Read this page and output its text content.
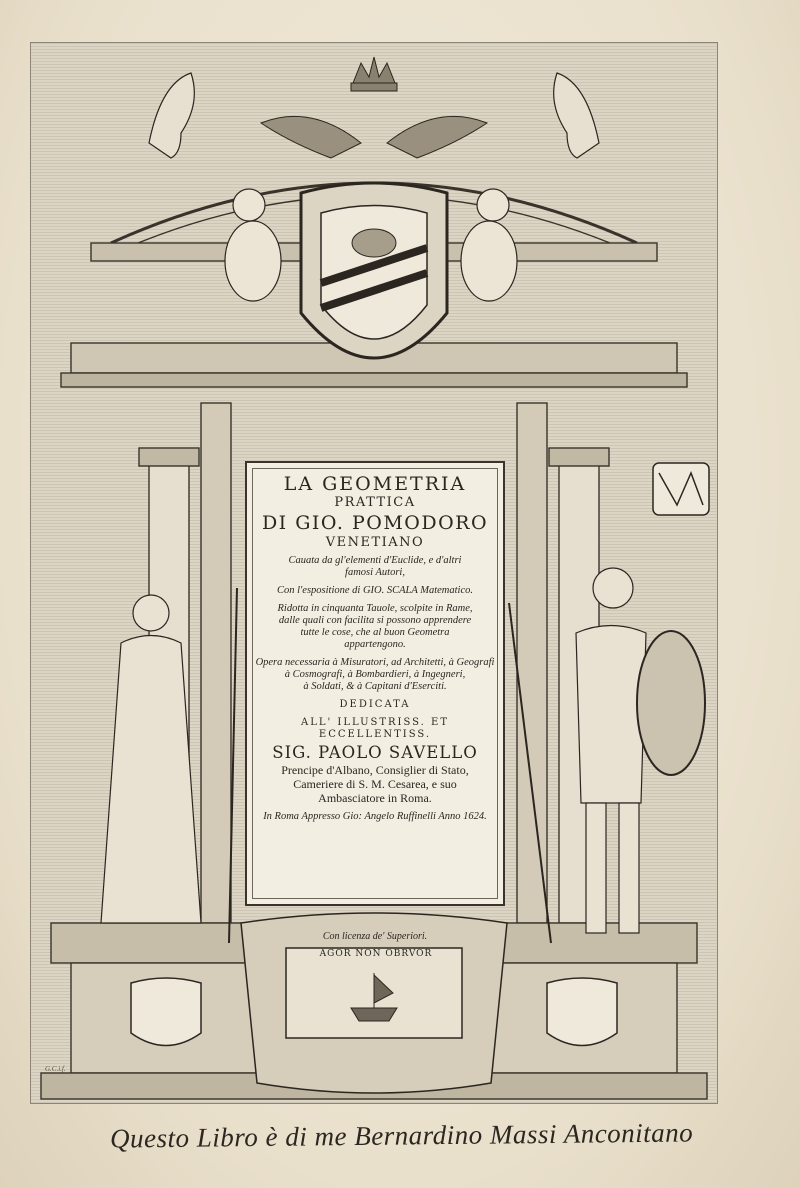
LA GEOMETRIA
PRATTICA
DI GIO. POMODORO
VENETIANO
Cauata da gl'elementi d'Euclide, e d'altri
famosi Autori,
Con l'espositione di GIO. SCALA Matematico.
Ridotta in cinquanta Tauole, scolpite in Rame,
dalle quali con facilita si possono apprendere
tutte le cose, che al buon Geometra
appartengono.
Opera necessaria à Misuratori, ad Architetti, à Geografi
à Cosmografi, à Bombardieri, à Ingegneri,
à Soldati, & à Capitani d'Eserciti.
DEDICATA
ALL' ILLUSTRISS. ET ECCELLENTISS.
SIG. PAOLO SAVELLO
Prencipe d'Albano, Consiglier di Stato,
Cameriere di S. M. Cesarea, e suo
Ambasciatore in Roma.
In Roma Appresso Gio: Angelo Ruffinelli Anno 1624.
Con licenza de' Superiori.
AGOR NON OBRVOR
G.C.i.f.
Questo Libro è di me Bernardino Massi Anconitano
